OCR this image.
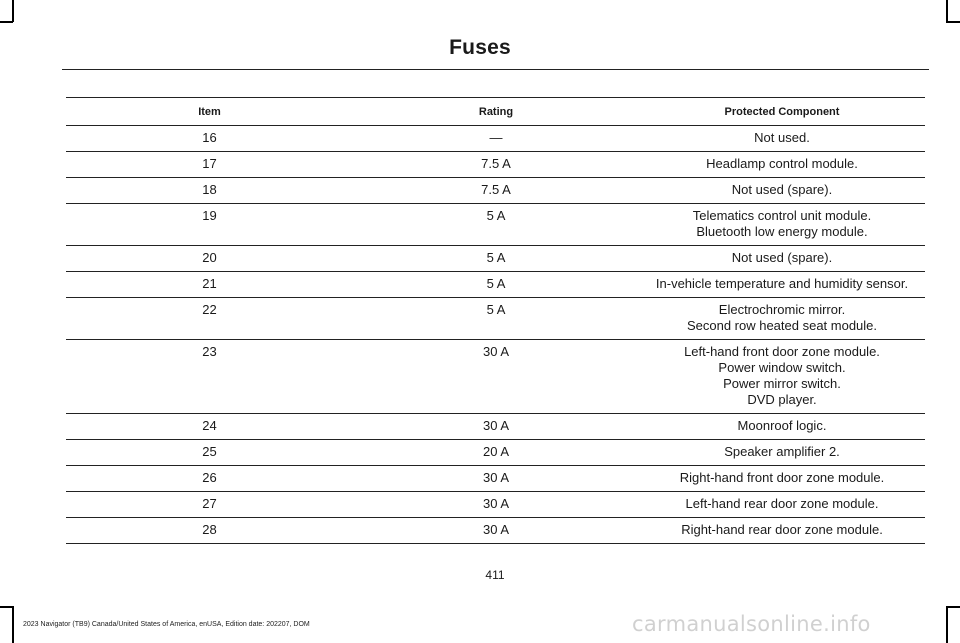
Fuses
Item	Rating	Protected Component
16	—	Not used.

17	7.5 A	Headlamp control module.

18	7.5 A	Not used (spare).

19	5 A	Telematics control unit module.
Bluetooth low energy module.

20	5 A	Not used (spare).

21	5 A	In-vehicle temperature and humidity sensor.

22	5 A	Electrochromic mirror.
Second row heated seat module.

23	30 A	Left-hand front door zone module.
Power window switch.
Power mirror switch.
DVD player.

24	30 A	Moonroof logic.

25	20 A	Speaker amplifier 2.

26	30 A	Right-hand front door zone module.

27	30 A	Left-hand rear door zone module.

28	30 A	Right-hand rear door zone module.
411
2023 Navigator (TB9) Canada/United States of America, enUSA, Edition date: 202207, DOM	carmanualsonline.info
